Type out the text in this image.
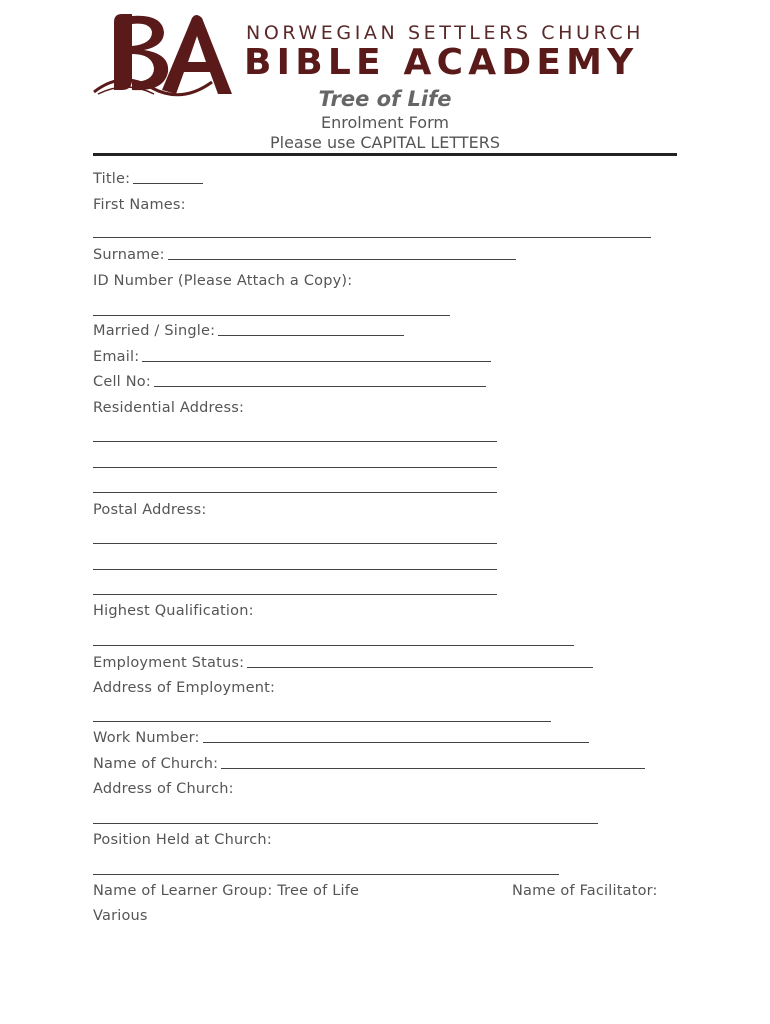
NORWEGIAN SETTLERS CHURCH
BIBLE ACADEMY
Tree of Life
Enrolment Form
Please use CAPITAL LETTERS
Title:
First Names:
Surname:
ID Number (Please Attach a Copy):
Married / Single:
Email:
Cell No:
Residential Address:
Postal Address:
Highest Qualification:
Employment Status:
Address of Employment:
Work Number:
Name of Church:
Address of Church:
Position Held at Church:
Name of Learner Group: Tree of Life	Name of Facilitator:
Various
